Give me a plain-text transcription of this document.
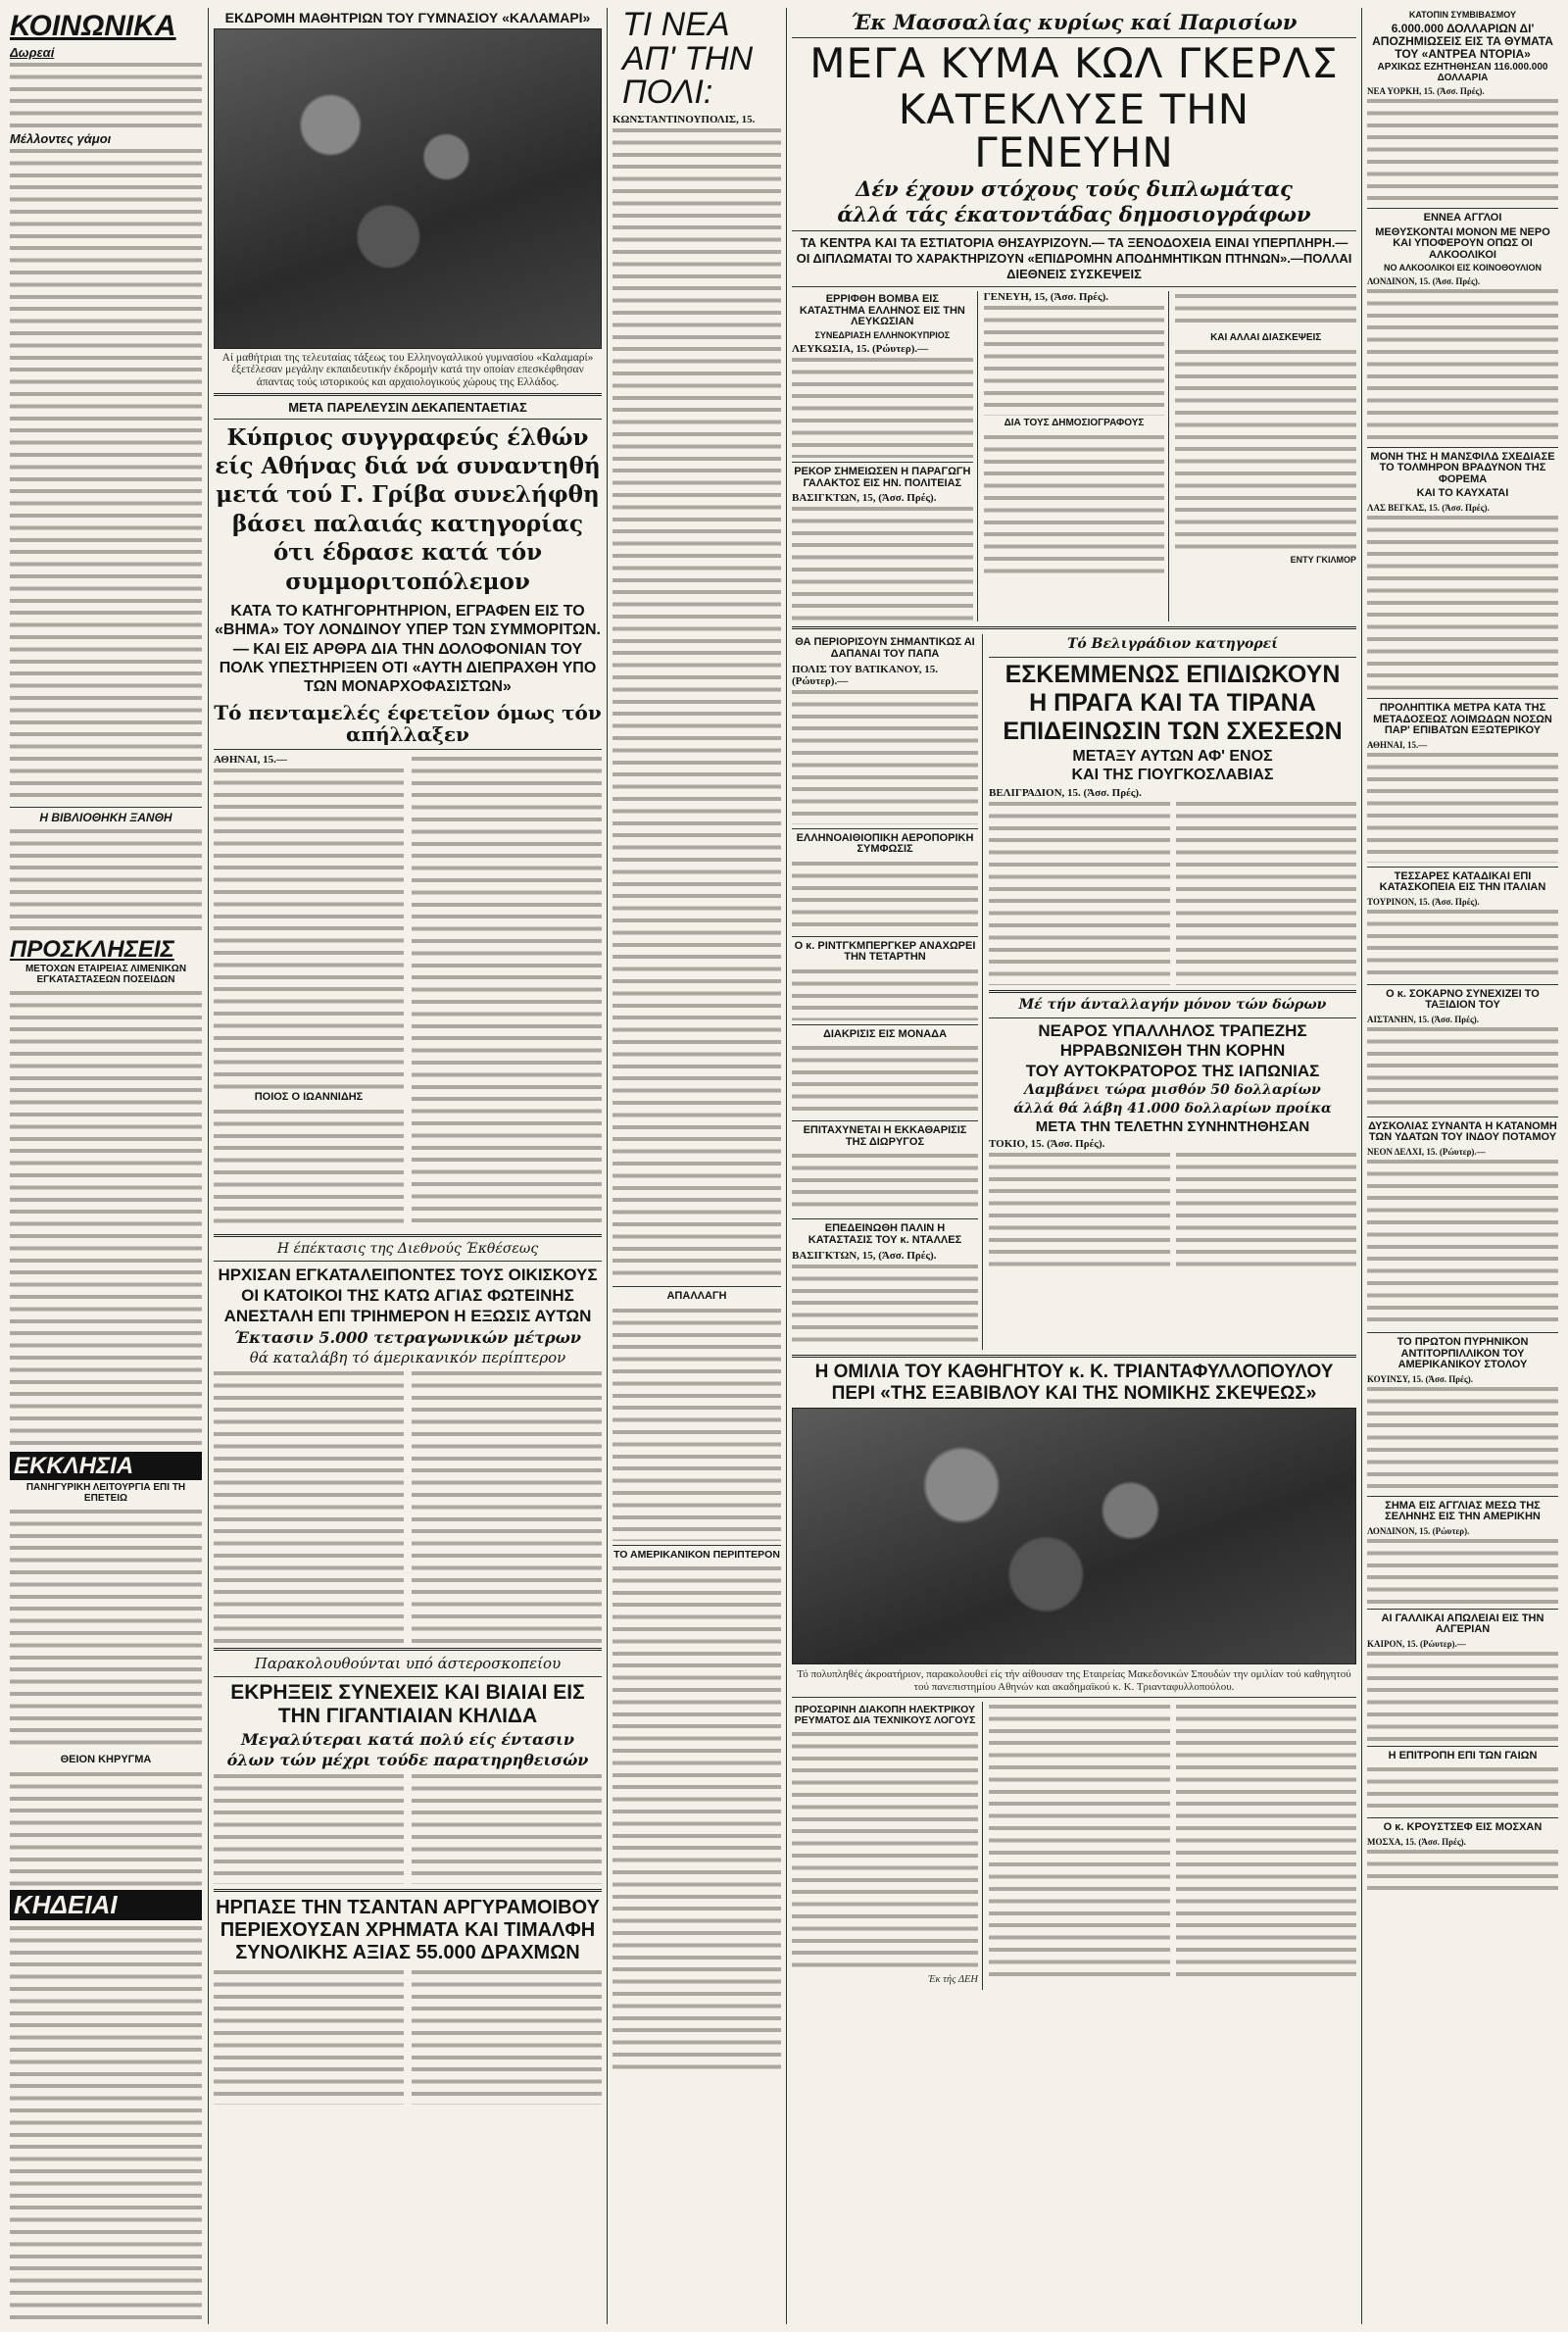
ΚΟΙΝΩΝΙΚΑ
Δωρεαί
Μέλλοντες γάμοι
Η ΒΙΒΛΙΟΘΗΚΗ ΞΑΝΘΗ
ΠΡΟΣΚΛΗΣΕΙΣ
ΜΕΤΟΧΩΝ ΕΤΑΙΡΕΙΑΣ ΛΙΜΕΝΙΚΩΝ ΕΓΚΑΤΑΣΤΑΣΕΩΝ ΠΟΣΕΙΔΩΝ
ΕΚΚΛΗΣΙΑ
ΠΑΝΗΓΥΡΙΚΗ ΛΕΙΤΟΥΡΓΙΑ ΕΠΙ ΤΗ ΕΠΕΤΕΙΩ
ΘΕΙΟΝ ΚΗΡΥΓΜΑ
ΚΗΔΕΙΑΙ
ΕΚΔΡΟΜΗ ΜΑΘΗΤΡΙΩΝ ΤΟΥ ΓΥΜΝΑΣΙΟΥ «ΚΑΛΑΜΑΡΙ»
Αί μαθήτριαι της τελευταίας τάξεως του Ελληνογαλλικού γυμνασίου «Καλαμαρί» έξετέλεσαν μεγάλην εκπαιδευτικήν έκδρομήν κατά την οποίαν επεσκέφθησαν άπαντας τούς ιστορικούς και αρχαιολογικούς χώρους της Ελλάδος.
ΜΕΤΑ ΠΑΡΕΛΕΥΣΙΝ ΔΕΚΑΠΕΝΤΑΕΤΙΑΣ
Κύπριος συγγραφεύς έλθών είς Αθήνας διά νά συναντηθή μετά τού Γ. Γρίβα συνελήφθη βάσει παλαιάς κατηγορίας ότι έδρασε κατά τόν συμμοριτοπόλεμον
ΚΑΤΑ ΤΟ ΚΑΤΗΓΟΡΗΤΗΡΙΟΝ, ΕΓΡΑΦΕΝ ΕΙΣ ΤΟ «ΒΗΜΑ» ΤΟΥ ΛΟΝΔΙΝΟΥ ΥΠΕΡ ΤΩΝ ΣΥΜΜΟΡΙΤΩΝ.— ΚΑΙ ΕΙΣ ΑΡΘΡΑ ΔΙΑ ΤΗΝ ΔΟΛΟΦΟΝΙΑΝ ΤΟΥ ΠΟΛΚ ΥΠΕΣΤΗΡΙΞΕΝ ΟΤΙ «ΑΥΤΗ ΔΙΕΠΡΑΧΘΗ ΥΠΟ ΤΩΝ ΜΟΝΑΡΧΟΦΑΣΙΣΤΩΝ»
Τό πενταμελές έφετεῖον όμως τόν απήλλαξεν
ΑΘΗΝΑΙ, 15.—
ΠΟΙΟΣ Ο ΙΩΑΝΝΙΔΗΣ
Η έπέκτασις της Διεθνούς Έκθέσεως
ΗΡΧΙΣΑΝ ΕΓΚΑΤΑΛΕΙΠΟΝΤΕΣ ΤΟΥΣ ΟΙΚΙΣΚΟΥΣ ΟΙ ΚΑΤΟΙΚΟΙ ΤΗΣ ΚΑΤΩ ΑΓΙΑΣ ΦΩΤΕΙΝΗΣ ΑΝΕΣΤΑΛΗ ΕΠΙ ΤΡΙΗΜΕΡΟΝ Η ΕΞΩΣΙΣ ΑΥΤΩΝ
Έκτασιν 5.000 τετραγωνικών μέτρων
θά καταλάβη τό άμερικανικόν περίπτερον
Παρακολουθούνται υπό άστεροσκοπείου
ΕΚΡΗΞΕΙΣ ΣΥΝΕΧΕΙΣ ΚΑΙ ΒΙΑΙΑΙ ΕΙΣ ΤΗΝ ΓΙΓΑΝΤΙΑΙΑΝ ΚΗΛΙΔΑ
Μεγαλύτεραι κατά πολύ είς έντασιν
όλων τών μέχρι τούδε παρατηρηθεισών
ΗΡΠΑΣΕ ΤΗΝ ΤΣΑΝΤΑΝ ΑΡΓΥΡΑΜΟΙΒΟΥ ΠΕΡΙΕΧΟΥΣΑΝ ΧΡΗΜΑΤΑ ΚΑΙ ΤΙΜΑΛΦΗ ΣΥΝΟΛΙΚΗΣ ΑΞΙΑΣ 55.000 ΔΡΑΧΜΩΝ
ΤΙ ΝΕΑ
ΑΠ' ΤΗΝ
ΠΟΛΙ:
ΚΩΝΣΤΑΝΤΙΝΟΥΠΟΛΙΣ, 15.
ΑΠΑΛΛΑΓΗ
ΤΟ ΑΜΕΡΙΚΑΝΙΚΟΝ ΠΕΡΙΠΤΕΡΟΝ
Έκ Μασσαλίας κυρίως καί Παρισίων
ΜΕΓΑ ΚΥΜΑ ΚΩΛ ΓΚΕΡΛΣ
ΚΑΤΕΚΛΥΣΕ ΤΗΝ ΓΕΝΕΥΗΝ
Δέν έχουν στόχους τούς διπλωμάτας
άλλά τάς έκατοντάδας δημοσιογράφων
ΤΑ ΚΕΝΤΡΑ ΚΑΙ ΤΑ ΕΣΤΙΑΤΟΡΙΑ ΘΗΣΑΥΡΙΖΟΥΝ.— ΤΑ ΞΕΝΟΔΟΧΕΙΑ ΕΙΝΑΙ ΥΠΕΡΠΛΗΡΗ.— ΟΙ ΔΙΠΛΩΜΑΤΑΙ ΤΟ ΧΑΡΑΚΤΗΡΙΖΟΥΝ «ΕΠΙΔΡΟΜΗΝ ΑΠΟΔΗΜΗΤΙΚΩΝ ΠΤΗΝΩΝ».—ΠΟΛΛΑΙ ΔΙΕΘΝΕΙΣ ΣΥΣΚΕΨΕΙΣ
ΕΡΡΙΦΘΗ ΒΟΜΒΑ ΕΙΣ ΚΑΤΑΣΤΗΜΑ ΕΛΛΗΝΟΣ ΕΙΣ ΤΗΝ ΛΕΥΚΩΣΙΑΝ
ΣΥΝΕΔΡΙΑΣΗ ΕΛΛΗΝΟΚΥΠΡΙΟΣ
ΛΕΥΚΩΣΙΑ, 15. (Ρώυτερ).—
ΡΕΚΟΡ ΣΗΜΕΙΩΣΕΝ Η ΠΑΡΑΓΩΓΗ ΓΑΛΑΚΤΟΣ ΕΙΣ ΗΝ. ΠΟΛΙΤΕΙΑΣ
ΒΑΣΙΓΚΤΩΝ, 15, (Άσσ. Πρές).
ΓΕΝΕΥΗ, 15, (Άσσ. Πρές).
ΔΙΑ ΤΟΥΣ ΔΗΜΟΣΙΟΓΡΑΦΟΥΣ
ΚΑΙ ΑΛΛΑΙ ΔΙΑΣΚΕΨΕΙΣ
ΕΝΤΥ ΓΚΙΛΜΟΡ
ΘΑ ΠΕΡΙΟΡΙΣΟΥΝ ΣΗΜΑΝΤΙΚΩΣ ΑΙ ΔΑΠΑΝΑΙ ΤΟΥ ΠΑΠΑ
ΠΟΛΙΣ ΤΟΥ ΒΑΤΙΚΑΝΟΥ, 15. (Ρώυτερ).—
ΕΛΛΗΝΟΑΙΘΙΟΠΙΚΗ ΑΕΡΟΠΟΡΙΚΗ ΣΥΜΦΩΣΙΣ
Ο κ. ΡΙΝΤΓΚΜΠΕΡΓΚΕΡ ΑΝΑΧΩΡΕΙ ΤΗΝ ΤΕΤΑΡΤΗΝ
ΔΙΑΚΡΙΣΙΣ ΕΙΣ ΜΟΝΑΔΑ
ΕΠΙΤΑΧΥΝΕΤΑΙ Η ΕΚΚΑΘΑΡΙΣΙΣ ΤΗΣ ΔΙΩΡΥΓΟΣ
ΕΠΕΔΕΙΝΩΘΗ ΠΑΛΙΝ Η ΚΑΤΑΣΤΑΣΙΣ ΤΟΥ κ. ΝΤΑΛΛΕΣ
ΒΑΣΙΓΚΤΩΝ, 15, (Άσσ. Πρές).
Τό Βελιγράδιον κατηγορεί
ΕΣΚΕΜΜΕΝΩΣ ΕΠΙΔΙΩΚΟΥΝ
Η ΠΡΑΓΑ ΚΑΙ ΤΑ ΤΙΡΑΝΑ
ΕΠΙΔΕΙΝΩΣΙΝ ΤΩΝ ΣΧΕΣΕΩΝ
ΜΕΤΑΞΥ ΑΥΤΩΝ ΑΦ' ΕΝΟΣ
ΚΑΙ ΤΗΣ ΓΙΟΥΓΚΟΣΛΑΒΙΑΣ
ΒΕΛΙΓΡΑΔΙΟΝ, 15. (Άσσ. Πρές).
Μέ τήν άνταλλαγήν μόνον τών δώρων
ΝΕΑΡΟΣ ΥΠΑΛΛΗΛΟΣ ΤΡΑΠΕΖΗΣ
ΗΡΡΑΒΩΝΙΣΘΗ ΤΗΝ ΚΟΡΗΝ
ΤΟΥ ΑΥΤΟΚΡΑΤΟΡΟΣ ΤΗΣ ΙΑΠΩΝΙΑΣ
Λαμβάνει τώρα μισθόν 50 δολλαρίων
άλλά θά λάβη 41.000 δολλαρίων προίκα
ΜΕΤΑ ΤΗΝ ΤΕΛΕΤΗΝ ΣΥΝΗΝΤΗΘΗΣΑΝ
ΤΟΚΙΟ, 15. (Άσσ. Πρές).
Η ΟΜΙΛΙΑ ΤΟΥ ΚΑΘΗΓΗΤΟΥ κ. Κ. ΤΡΙΑΝΤΑΦΥΛΛΟΠΟΥΛΟΥ
ΠΕΡΙ «ΤΗΣ ΕΞΑΒΙΒΛΟΥ ΚΑΙ ΤΗΣ ΝΟΜΙΚΗΣ ΣΚΕΨΕΩΣ»
Τό πολυπληθές άκροατήριον, παρακολουθεί είς τήν αίθουσαν της Εταιρείας Μακεδονικών Σπουδών την ομιλίαν τού καθηγητού τού πανεπιστημίου Αθηνών και ακαδημαϊκού κ. Κ. Τριανταφυλλοπούλου.
ΠΡΟΣΩΡΙΝΗ ΔΙΑΚΟΠΗ ΗΛΕΚΤΡΙΚΟΥ ΡΕΥΜΑΤΟΣ ΔΙΑ ΤΕΧΝΙΚΟΥΣ ΛΟΓΟΥΣ
Έκ τής ΔΕΗ
ΚΑΤΟΠΙΝ ΣΥΜΒΙΒΑΣΜΟΥ
6.000.000 ΔΟΛΛΑΡΙΩΝ ΔΙ' ΑΠΟΖΗΜΙΩΣΕΙΣ ΕΙΣ ΤΑ ΘΥΜΑΤΑ ΤΟΥ «ΑΝΤΡΕΑ ΝΤΟΡΙΑ»
ΑΡΧΙΚΩΣ ΕΖΗΤΗΘΗΣΑΝ 116.000.000 ΔΟΛΛΑΡΙΑ
ΝΕΑ ΥΟΡΚΗ, 15. (Άσσ. Πρές).
ΕΝΝΕΑ ΑΓΓΛΟΙ
ΜΕΘΥΣΚΟΝΤΑΙ ΜΟΝΟΝ ΜΕ ΝΕΡΟ ΚΑΙ ΥΠΟΦΕΡΟΥΝ ΟΠΩΣ ΟΙ ΑΛΚΟΟΛΙΚΟΙ
ΝΟ ΑΛΚΟΟΛΙΚΟΙ ΕΙΣ ΚΟΙΝΟΘΟΥΛΙΟΝ
ΛΟΝΔΙΝΟΝ, 15. (Άσσ. Πρές).
ΜΟΝΗ ΤΗΣ Η ΜΑΝΣΦΙΛΔ ΣΧΕΔΙΑΣΕ ΤΟ ΤΟΛΜΗΡΟΝ ΒΡΑΔΥΝΟΝ ΤΗΣ ΦΟΡΕΜΑ
ΚΑΙ ΤΟ ΚΑΥΧΑΤΑΙ
ΛΑΣ ΒΕΓΚΑΣ, 15. (Άσσ. Πρές).
ΠΡΟΛΗΠΤΙΚΑ ΜΕΤΡΑ ΚΑΤΑ ΤΗΣ ΜΕΤΑΔΟΣΕΩΣ ΛΟΙΜΩΔΩΝ ΝΟΣΩΝ ΠΑΡ' ΕΠΙΒΑΤΩΝ ΕΞΩΤΕΡΙΚΟΥ
ΑΘΗΝΑΙ, 15.—
ΤΕΣΣΑΡΕΣ ΚΑΤΑΔΙΚΑΙ ΕΠΙ ΚΑΤΑΣΚΟΠΕΙΑ ΕΙΣ ΤΗΝ ΙΤΑΛΙΑΝ
ΤΟΥΡΙΝΟΝ, 15. (Άσσ. Πρές).
Ο κ. ΣΟΚΑΡΝΟ ΣΥΝΕΧΙΖΕΙ ΤΟ ΤΑΞΙΔΙΟΝ ΤΟΥ
ΑΙΣΤΑΝΗΝ, 15. (Άσσ. Πρές).
ΔΥΣΚΟΛΙΑΣ ΣΥΝΑΝΤΑ Η ΚΑΤΑΝΟΜΗ ΤΩΝ ΥΔΑΤΩΝ ΤΟΥ ΙΝΔΟΥ ΠΟΤΑΜΟΥ
ΝΕΟΝ ΔΕΛΧΙ, 15. (Ρώυτερ).—
ΤΟ ΠΡΩΤΟΝ ΠΥΡΗΝΙΚΟΝ ΑΝΤΙΤΟΡΠΙΛΛΙΚΟΝ ΤΟΥ ΑΜΕΡΙΚΑΝΙΚΟΥ ΣΤΟΛΟΥ
ΚΟΥΙΝΣΥ, 15. (Άσσ. Πρές).
ΣΗΜΑ ΕΙΣ ΑΓΓΛΙΑΣ ΜΕΣΩ ΤΗΣ ΣΕΛΗΝΗΣ ΕΙΣ ΤΗΝ ΑΜΕΡΙΚΗΝ
ΛΟΝΔΙΝΟΝ, 15. (Ρώυτερ).
ΑΙ ΓΑΛΛΙΚΑΙ ΑΠΩΛΕΙΑΙ ΕΙΣ ΤΗΝ ΑΛΓΕΡΙΑΝ
ΚΑΙΡΟΝ, 15. (Ρώυτερ).—
Η ΕΠΙΤΡΟΠΗ ΕΠΙ ΤΩΝ ΓΑΙΩΝ
Ο κ. ΚΡΟΥΣΤΣΕΦ ΕΙΣ ΜΟΣΧΑΝ
ΜΟΣΧΑ, 15. (Άσσ. Πρές).
